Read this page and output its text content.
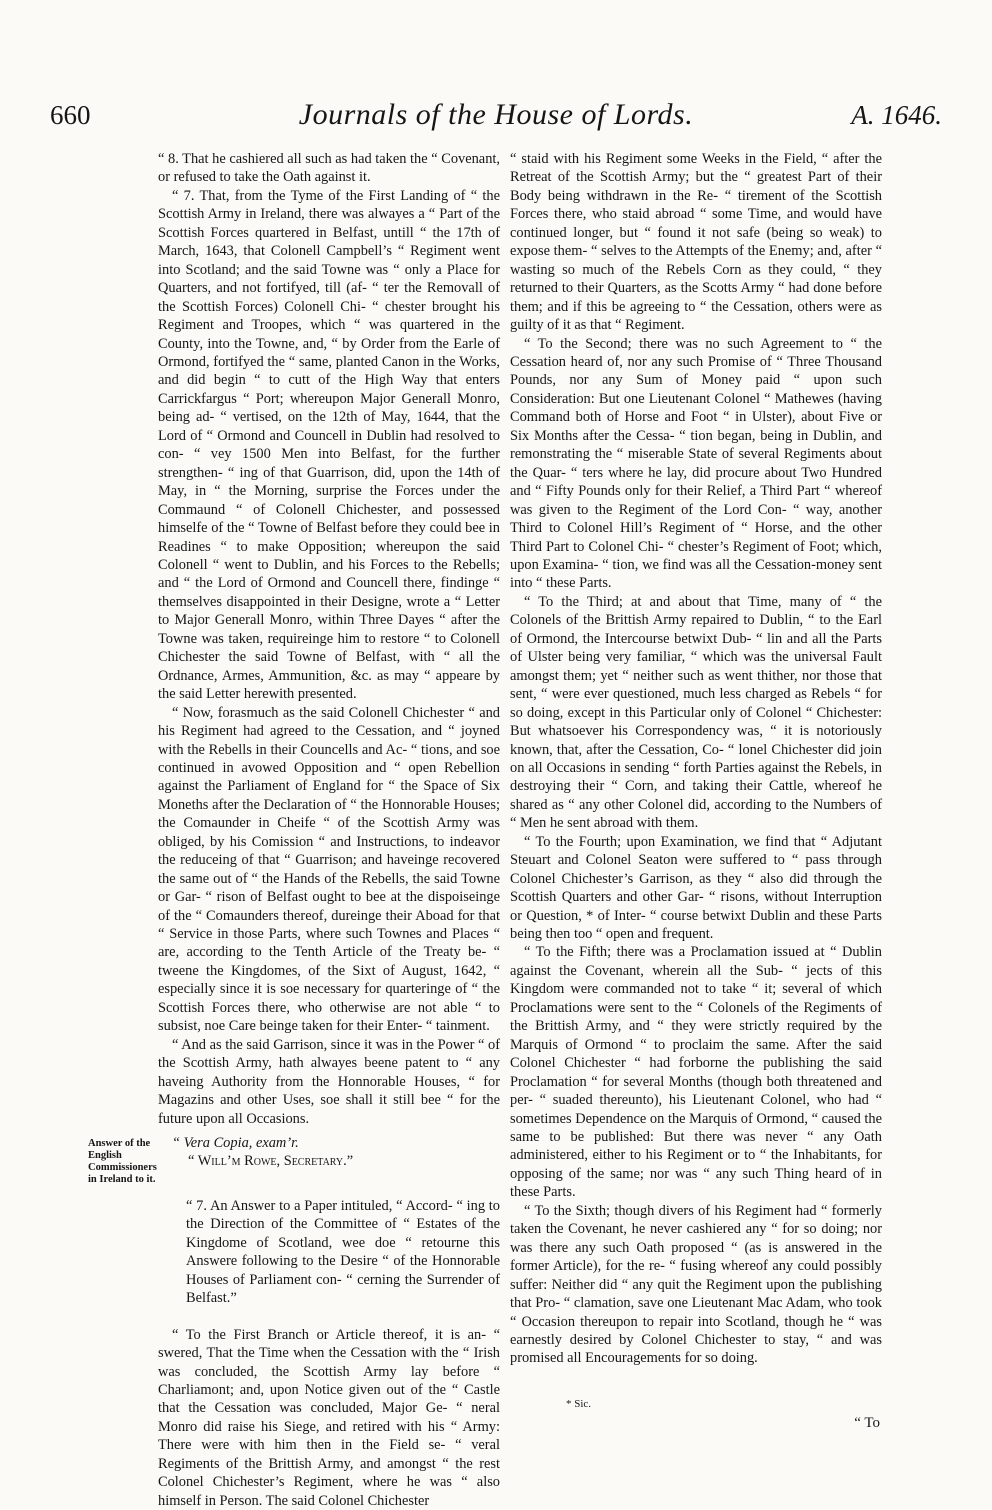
660	Journals of the House of Lords.	A. 1646.

“ 8. That he cashiered all such as had taken the “ Covenant, or refused to take the Oath against it.

“ 7. That, from the Tyme of the First Landing of “ the Scottish Army in Ireland, there was alwayes a “ Part of the Scottish Forces quartered in Belfast, untill “ the 17th of March, 1643, that Colonell Campbell’s “ Regiment went into Scotland; and the said Towne was “ only a Place for Quarters, and not fortifyed, till (af- “ ter the Removall of the Scottish Forces) Colonell Chi- “ chester brought his Regiment and Troopes, which “ was quartered in the County, into the Towne, and, “ by Order from the Earle of Ormond, fortifyed the “ same, planted Canon in the Works, and did begin “ to cutt of the High Way that enters Carrickfargus “ Port; whereupon Major Generall Monro, being ad- “ vertised, on the 12th of May, 1644, that the Lord of “ Ormond and Councell in Dublin had resolved to con- “ vey 1500 Men into Belfast, for the further strengthen- “ ing of that Guarrison, did, upon the 14th of May, in “ the Morning, surprise the Forces under the Commaund “ of Colonell Chichester, and possessed himselfe of the “ Towne of Belfast before they could bee in Readines “ to make Opposition; whereupon the said Colonell “ went to Dublin, and his Forces to the Rebells; and “ the Lord of Ormond and Councell there, findinge “ themselves disappointed in their Designe, wrote a “ Letter to Major Generall Monro, within Three Dayes “ after the Towne was taken, requireinge him to restore “ to Colonell Chichester the said Towne of Belfast, with “ all the Ordnance, Armes, Ammunition, &c. as may “ appeare by the said Letter herewith presented.

“ Now, forasmuch as the said Colonell Chichester “ and his Regiment had agreed to the Cessation, and “ joyned with the Rebells in their Councells and Ac- “ tions, and soe continued in avowed Opposition and “ open Rebellion against the Parliament of England for “ the Space of Six Moneths after the Declaration of “ the Honnorable Houses; the Comaunder in Cheife “ of the Scottish Army was obliged, by his Comission “ and Instructions, to indeavor the reduceing of that “ Guarrison; and haveinge recovered the same out of “ the Hands of the Rebells, the said Towne or Gar- “ rison of Belfast ought to bee at the dispoiseinge of the “ Comaunders thereof, dureinge their Aboad for that “ Service in those Parts, where such Townes and Places “ are, according to the Tenth Article of the Treaty be- “ tweene the Kingdomes, of the Sixt of August, 1642, “ especially since it is soe necessary for quarteringe of “ the Scottish Forces there, who otherwise are not able “ to subsist, noe Care beinge taken for their Enter- “ tainment.

“ And as the said Garrison, since it was in the Power “ of the Scottish Army, hath alwayes beene patent to “ any haveing Authority from the Honnorable Houses, “ for Magazins and other Uses, soe shall it still bee “ for the future upon all Occasions.

“ Vera Copia, exam’r.

“ Will’m Rowe, Secretary.”

“ 7. An Answer to a Paper intituled, “ Accord- “ ing to the Direction of the Committee of “ Estates of the Kingdome of Scotland, wee doe “ retourne this Answere following to the Desire “ of the Honnorable Houses of Parliament con- “ cerning the Surrender of Belfast.”

“ To the First Branch or Article thereof, it is an- “ swered, That the Time when the Cessation with the “ Irish was concluded, the Scottish Army lay before “ Charliamont; and, upon Notice given out of the “ Castle that the Cessation was concluded, Major Ge- “ neral Monro did raise his Siege, and retired with his “ Army: There were with him then in the Field se- “ veral Regiments of the Brittish Army, and amongst “ the rest Colonel Chichester’s Regiment, where he was “ also himself in Person. The said Colonel Chichester

Answer of the English Commissioners in Ireland to it.

“ staid with his Regiment some Weeks in the Field, “ after the Retreat of the Scottish Army; but the “ greatest Part of their Body being withdrawn in the Re- “ tirement of the Scottish Forces there, who staid abroad “ some Time, and would have continued longer, but “ found it not safe (being so weak) to expose them- “ selves to the Attempts of the Enemy; and, after “ wasting so much of the Rebels Corn as they could, “ they returned to their Quarters, as the Scotts Army “ had done before them; and if this be agreeing to “ the Cessation, others were as guilty of it as that “ Regiment.

“ To the Second; there was no such Agreement to “ the Cessation heard of, nor any such Promise of “ Three Thousand Pounds, nor any Sum of Money paid “ upon such Consideration: But one Lieutenant Colonel “ Mathewes (having Command both of Horse and Foot “ in Ulster), about Five or Six Months after the Cessa- “ tion began, being in Dublin, and remonstrating the “ miserable State of several Regiments about the Quar- “ ters where he lay, did procure about Two Hundred and “ Fifty Pounds only for their Relief, a Third Part “ whereof was given to the Regiment of the Lord Con- “ way, another Third to Colonel Hill’s Regiment of “ Horse, and the other Third Part to Colonel Chi- “ chester’s Regiment of Foot; which, upon Examina- “ tion, we find was all the Cessation-money sent into “ these Parts.

“ To the Third; at and about that Time, many of “ the Colonels of the Brittish Army repaired to Dublin, “ to the Earl of Ormond, the Intercourse betwixt Dub- “ lin and all the Parts of Ulster being very familiar, “ which was the universal Fault amongst them; yet “ neither such as went thither, nor those that sent, “ were ever questioned, much less charged as Rebels “ for so doing, except in this Particular only of Colonel “ Chichester: But whatsoever his Correspondency was, “ it is notoriously known, that, after the Cessation, Co- “ lonel Chichester did join on all Occasions in sending “ forth Parties against the Rebels, in destroying their “ Corn, and taking their Cattle, whereof he shared as “ any other Colonel did, according to the Numbers of “ Men he sent abroad with them.

“ To the Fourth; upon Examination, we find that “ Adjutant Steuart and Colonel Seaton were suffered to “ pass through Colonel Chichester’s Garrison, as they “ also did through the Scottish Quarters and other Gar- “ risons, without Interruption or Question, * of Inter- “ course betwixt Dublin and these Parts being then too “ open and frequent.

“ To the Fifth; there was a Proclamation issued at “ Dublin against the Covenant, wherein all the Sub- “ jects of this Kingdom were commanded not to take “ it; several of which Proclamations were sent to the “ Colonels of the Regiments of the Brittish Army, and “ they were strictly required by the Marquis of Ormond “ to proclaim the same. After the said Colonel Chichester “ had forborne the publishing the said Proclamation “ for several Months (though both threatened and per- “ suaded thereunto), his Lieutenant Colonel, who had “ sometimes Dependence on the Marquis of Ormond, “ caused the same to be published: But there was never “ any Oath administered, either to his Regiment or to “ the Inhabitants, for opposing of the same; nor was “ any such Thing heard of in these Parts.

“ To the Sixth; though divers of his Regiment had “ formerly taken the Covenant, he never cashiered any “ for so doing; nor was there any such Oath proposed “ (as is answered in the former Article), for the re- “ fusing whereof any could possibly suffer: Neither did “ any quit the Regiment upon the publishing that Pro- “ clamation, save one Lieutenant Mac Adam, who took “ Occasion thereupon to repair into Scotland, though he “ was earnestly desired by Colonel Chichester to stay, “ and was promised all Encouragements for so doing.

* Sic.
“ To
